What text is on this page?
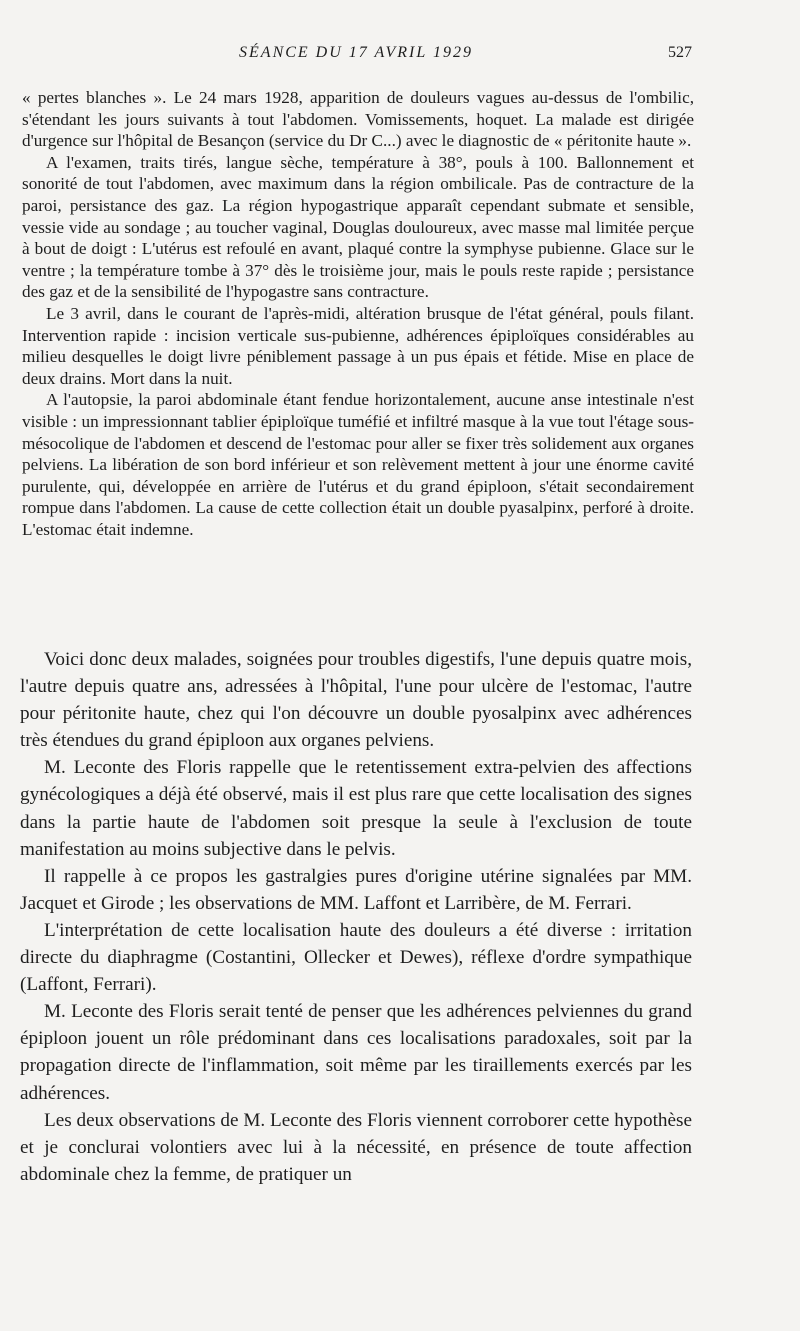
SÉANCE DU 17 AVRIL 1929	527

« pertes blanches ». Le 24 mars 1928, apparition de douleurs vagues au-dessus de l'ombilic, s'étendant les jours suivants à tout l'abdomen. Vomissements, hoquet. La malade est dirigée d'urgence sur l'hôpital de Besançon (service du Dr C...) avec le diagnostic de « péritonite haute ».

A l'examen, traits tirés, langue sèche, température à 38°, pouls à 100. Ballonnement et sonorité de tout l'abdomen, avec maximum dans la région ombilicale. Pas de contracture de la paroi, persistance des gaz. La région hypogastrique apparaît cependant submate et sensible, vessie vide au sondage ; au toucher vaginal, Douglas douloureux, avec masse mal limitée perçue à bout de doigt : L'utérus est refoulé en avant, plaqué contre la symphyse pubienne. Glace sur le ventre ; la température tombe à 37° dès le troisième jour, mais le pouls reste rapide ; persistance des gaz et de la sensibilité de l'hypogastre sans contracture.

Le 3 avril, dans le courant de l'après-midi, altération brusque de l'état général, pouls filant. Intervention rapide : incision verticale sus-pubienne, adhérences épiploïques considérables au milieu desquelles le doigt livre péniblement passage à un pus épais et fétide. Mise en place de deux drains. Mort dans la nuit.

A l'autopsie, la paroi abdominale étant fendue horizontalement, aucune anse intestinale n'est visible : un impressionnant tablier épiploïque tuméfié et infiltré masque à la vue tout l'étage sous-mésocolique de l'abdomen et descend de l'estomac pour aller se fixer très solidement aux organes pelviens. La libération de son bord inférieur et son relèvement mettent à jour une énorme cavité purulente, qui, développée en arrière de l'utérus et du grand épiploon, s'était secondairement rompue dans l'abdomen. La cause de cette collection était un double pyasalpinx, perforé à droite. L'estomac était indemne.

Voici donc deux malades, soignées pour troubles digestifs, l'une depuis quatre mois, l'autre depuis quatre ans, adressées à l'hôpital, l'une pour ulcère de l'estomac, l'autre pour péritonite haute, chez qui l'on découvre un double pyosalpinx avec adhérences très étendues du grand épiploon aux organes pelviens.

M. Leconte des Floris rappelle que le retentissement extra-pelvien des affections gynécologiques a déjà été observé, mais il est plus rare que cette localisation des signes dans la partie haute de l'abdomen soit presque la seule à l'exclusion de toute manifestation au moins subjective dans le pelvis.

Il rappelle à ce propos les gastralgies pures d'origine utérine signalées par MM. Jacquet et Girode ; les observations de MM. Laffont et Larribère, de M. Ferrari.

L'interprétation de cette localisation haute des douleurs a été diverse : irritation directe du diaphragme (Costantini, Ollecker et Dewes), réflexe d'ordre sympathique (Laffont, Ferrari).

M. Leconte des Floris serait tenté de penser que les adhérences pelviennes du grand épiploon jouent un rôle prédominant dans ces localisations paradoxales, soit par la propagation directe de l'inflammation, soit même par les tiraillements exercés par les adhérences.

Les deux observations de M. Leconte des Floris viennent corroborer cette hypothèse et je conclurai volontiers avec lui à la nécessité, en présence de toute affection abdominale chez la femme, de pratiquer un
